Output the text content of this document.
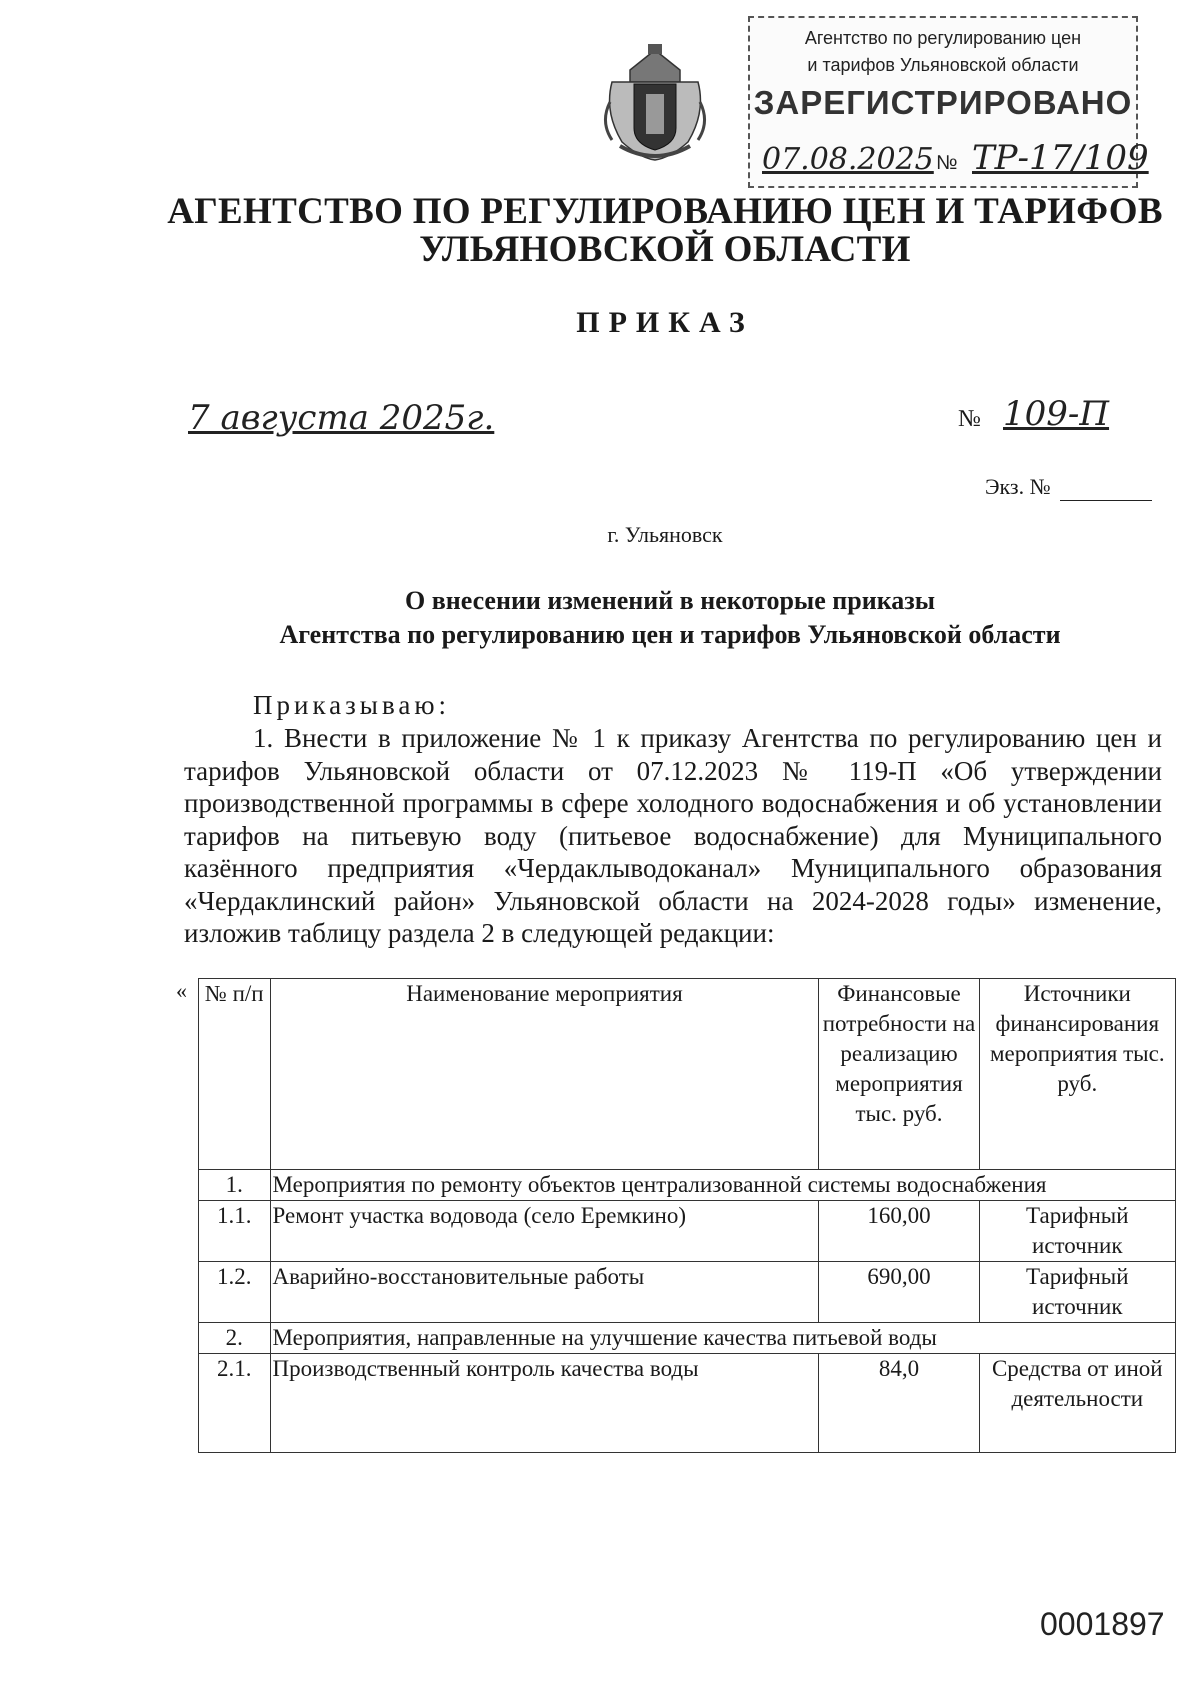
Агентство по регулированию цен
и тарифов Ульяновской области
ЗАРЕГИСТРИРОВАНО
07.08.2025 № ТР-17/109
АГЕНТСТВО ПО РЕГУЛИРОВАНИЮ ЦЕН И ТАРИФОВ
УЛЬЯНОВСКОЙ ОБЛАСТИ
ПРИКАЗ
7 августа 2025г.	№ 109-П
Экз. №
г. Ульяновск
О внесении изменений в некоторые приказы
Агентства по регулированию цен и тарифов Ульяновской области
Приказываю:
1. Внести в приложение № 1 к приказу Агентства по регулированию цен и тарифов Ульяновской области от 07.12.2023 № 119-П «Об утверждении производственной программы в сфере холодного водоснабжения и об установлении тарифов на питьевую воду (питьевое водоснабжение) для Муниципального казённого предприятия «Чердаклыводоканал» Муниципального образования «Чердаклинский район» Ульяновской области на 2024-2028 годы» изменение, изложив таблицу раздела 2 в следующей редакции:
« № п/п	Наименование мероприятия	Финансовые потребности на реализацию мероприятия тыс. руб.	Источники финансирования мероприятия тыс. руб.
1.	Мероприятия по ремонту объектов централизованной системы водоснабжения		
1.1.	Ремонт участка водовода (село Еремкино)	160,00	Тарифный источник
1.2.	Аварийно-восстановительные работы	690,00	Тарифный источник
2.	Мероприятия, направленные на улучшение качества питьевой воды		
2.1.	Производственный контроль качества воды	84,0	Средства от иной деятельности
0001897
